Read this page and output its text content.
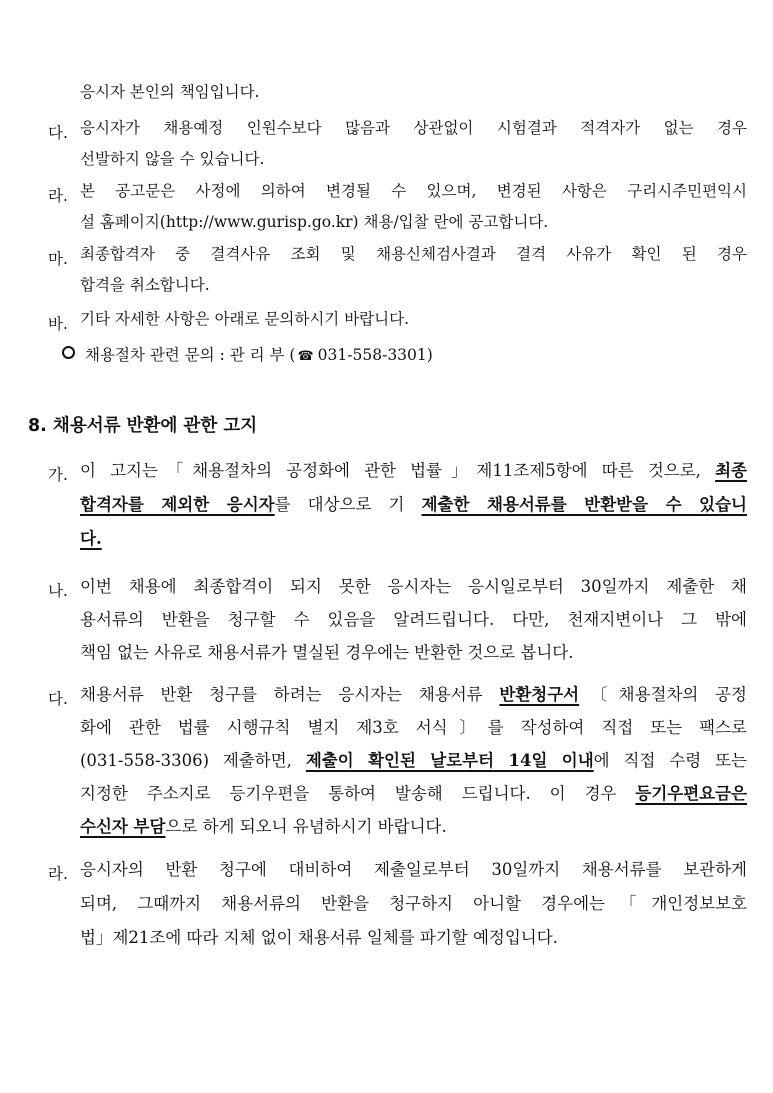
응시자 본인의 책임입니다.
다. 응시자가 채용예정 인원수보다 많음과 상관없이 시험결과 적격자가 없는 경우
선발하지 않을 수 있습니다.
라. 본 공고문은 사정에 의하여 변경될 수 있으며, 변경된 사항은 구리시주민편익시
설 홈페이지(http://www.gurisp.go.kr) 채용/입찰 란에 공고합니다.
마. 최종합격자 중 결격사유 조회 및 채용신체검사결과 결격 사유가 확인 된 경우
합격을 취소합니다.
바. 기타 자세한 사항은 아래로 문의하시기 바랍니다.
채용절차 관련 문의 : 관 리 부 ( ☎ 031-558-3301)
8. 채용서류 반환에 관한 고지
가. 이 고지는「채용절차의 공정화에 관한 법률」제11조제5항에 따른 것으로, 최종
합격자를 제외한 응시자를 대상으로 기 제출한 채용서류를 반환받을 수 있습니
다.
나. 이번 채용에 최종합격이 되지 못한 응시자는 응시일로부터 30일까지 제출한 채
용서류의 반환을 청구할 수 있음을 알려드립니다. 다만, 천재지변이나 그 밖에
책임 없는 사유로 채용서류가 멸실된 경우에는 반환한 것으로 봅니다.
다. 채용서류 반환 청구를 하려는 응시자는 채용서류 반환청구서〔채용절차의 공정
화에 관한 법률 시행규칙 별지 제3호 서식〕를 작성하여 직접 또는 팩스로
(031-558-3306) 제출하면, 제출이 확인된 날로부터 14일 이내에 직접 수령 또는
지정한 주소지로 등기우편을 통하여 발송해 드립니다. 이 경우 등기우편요금은
수신자 부담으로 하게 되오니 유념하시기 바랍니다.
라. 응시자의 반환 청구에 대비하여 제출일로부터 30일까지 채용서류를 보관하게
되며, 그때까지 채용서류의 반환을 청구하지 아니할 경우에는「개인정보보호
법」제21조에 따라 지체 없이 채용서류 일체를 파기할 예정입니다.
